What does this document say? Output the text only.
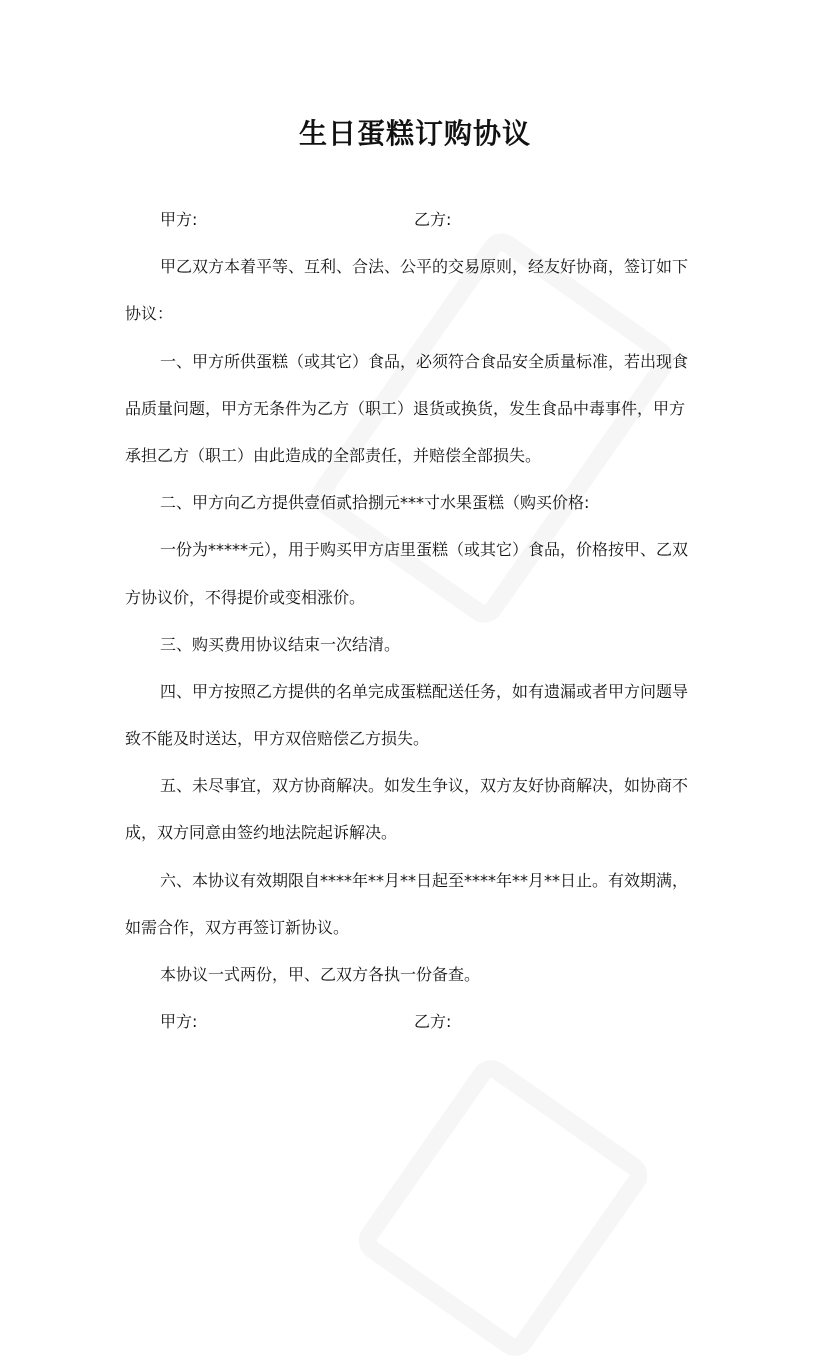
生日蛋糕订购协议
甲方:	乙方:
甲乙双方本着平等、互利、合法、公平的交易原则，经友好协商，签订如下
协议：
一、甲方所供蛋糕（或其它）食品，必须符合食品安全质量标准，若出现食
品质量问题，甲方无条件为乙方（职工）退货或换货，发生食品中毒事件，甲方
承担乙方（职工）由此造成的全部责任，并赔偿全部损失。
二、甲方向乙方提供壹佰贰拾捌元***寸水果蛋糕（购买价格:
一份为*****元），用于购买甲方店里蛋糕（或其它）食品，价格按甲、乙双
方协议价，不得提价或变相涨价。
三、购买费用协议结束一次结清。
四、甲方按照乙方提供的名单完成蛋糕配送任务，如有遗漏或者甲方问题导
致不能及时送达，甲方双倍赔偿乙方损失。
五、未尽事宜，双方协商解决。如发生争议，双方友好协商解决，如协商不
成，双方同意由签约地法院起诉解决。
六、本协议有效期限自****年**月**日起至****年**月**日止。有效期满，
如需合作，双方再签订新协议。
本协议一式两份，甲、乙双方各执一份备查。
甲方:	乙方:
